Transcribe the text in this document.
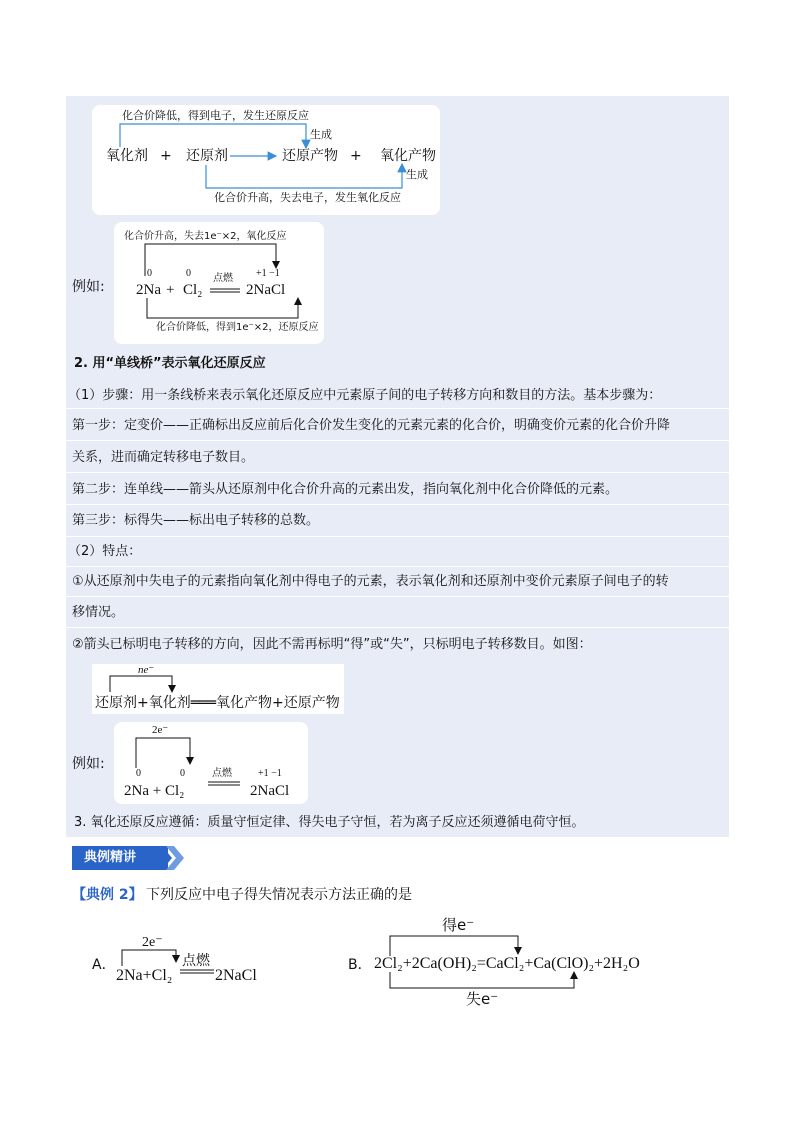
化合价降低，得到电子，发生还原反应
生成
氧化剂 + 还原剂	还原产物 + 氧化产物
生成
化合价升高，失去电子，发生氧化反应
例如:
化合价升高，失去1e⁻×2，氧化反应
0	0	+1 −1
点燃
2Na + Cl₂	2NaCl
化合价降低，得到1e⁻×2，还原反应
2. 用“单线桥”表示氧化还原反应
（1）步骤：用一条线桥来表示氧化还原反应中元素原子间的电子转移方向和数目的方法。基本步骤为：
第一步：定变价——正确标出反应前后化合价发生变化的元素元素的化合价，明确变价元素的化合价升降
关系，进而确定转移电子数目。
第二步：连单线——箭头从还原剂中化合价升高的元素出发，指向氧化剂中化合价降低的元素。
第三步：标得失——标出电子转移的总数。
（2）特点：
①从还原剂中失电子的元素指向氧化剂中得电子的元素，表示氧化剂和还原剂中变价元素原子间电子的转
移情况。
②箭头已标明电子转移的方向，因此不需再标明“得”或“失”，只标明电子转移数目。如图：
ne⁻
还原剂+氧化剂═══氧化产物+还原产物
例如:
2e⁻
0	0	点燃	+1 −1
2Na + Cl₂	2NaCl
3. 氧化还原反应遵循：质量守恒定律、得失电子守恒，若为离子反应还须遵循电荷守恒。
典例精讲
【典例 2】 下列反应中电子得失情况表示方法正确的是
A．
2e⁻
点燃
2Na+Cl₂	2NaCl
B．
得e⁻
2Cl₂+2Ca(OH)₂=CaCl₂+Ca(ClO)₂+2H₂O
失e⁻
